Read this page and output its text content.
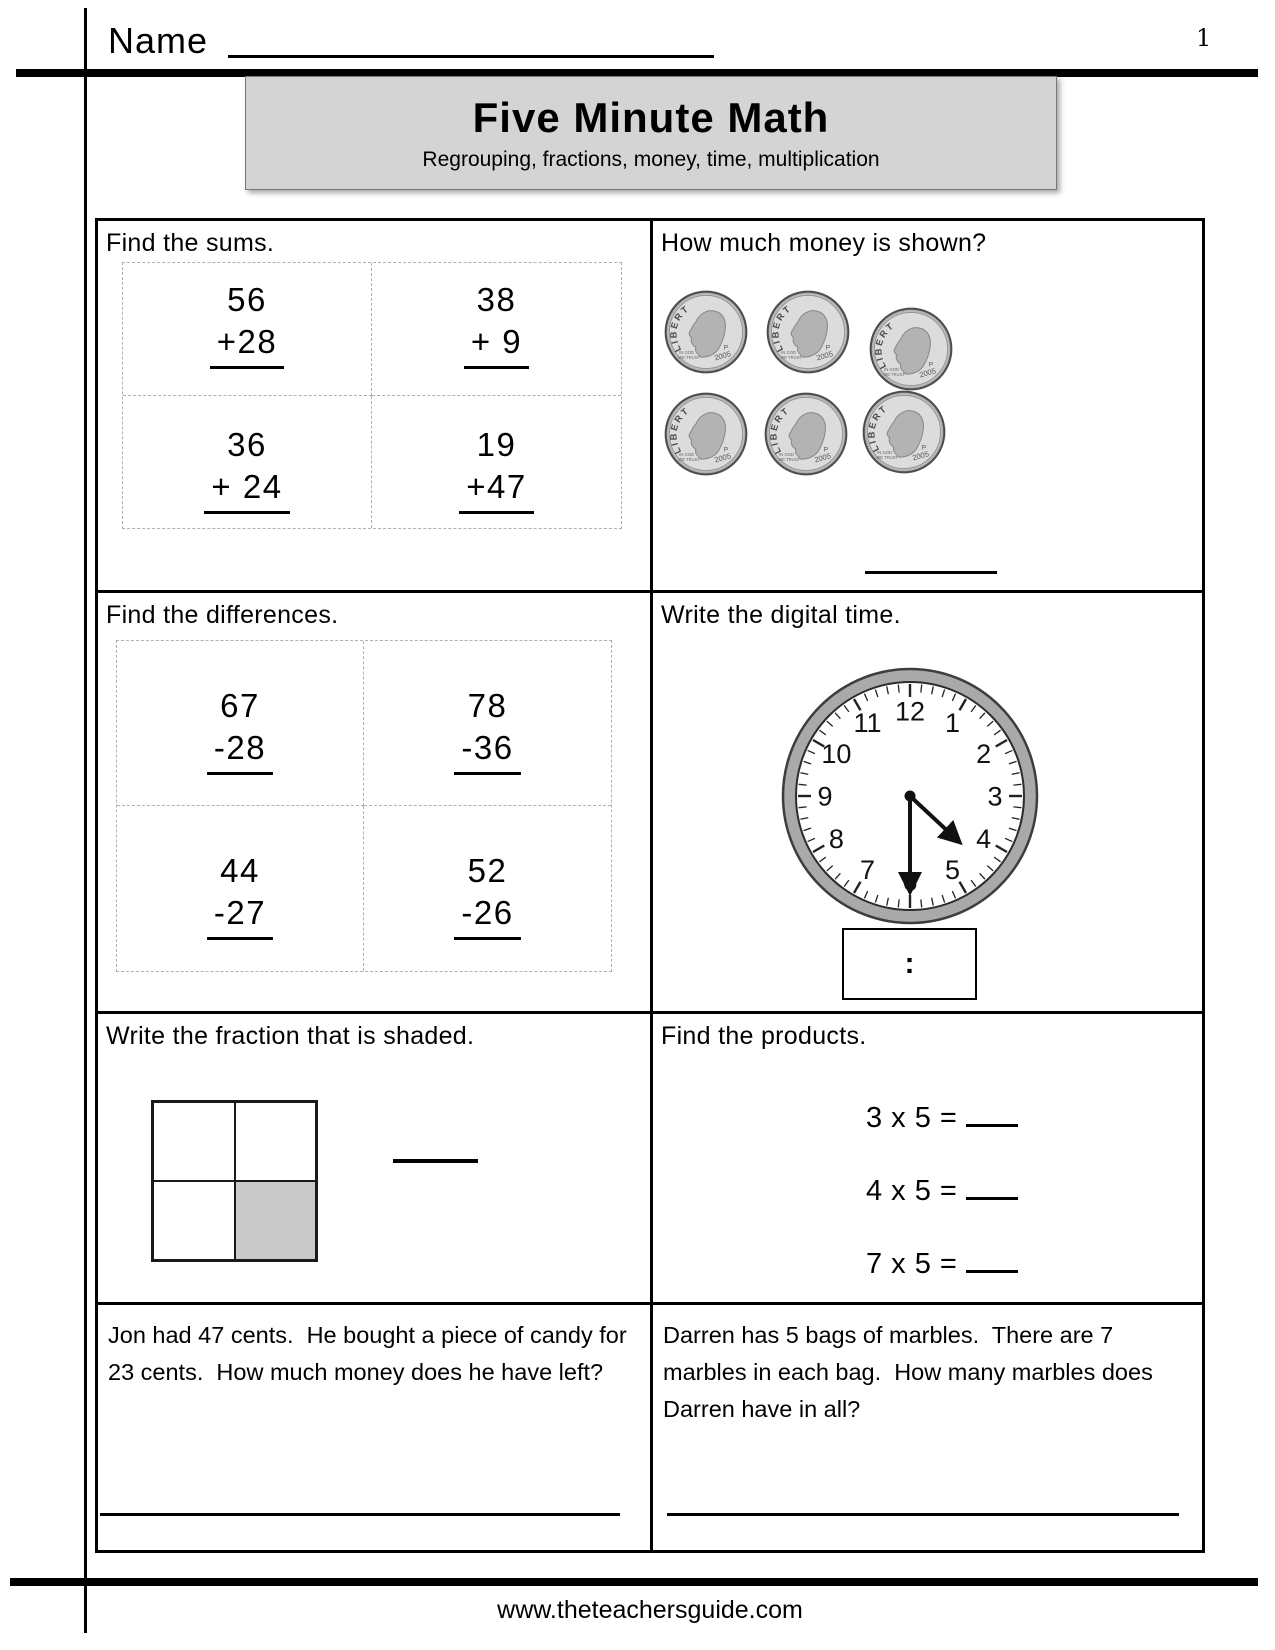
Name	1
Five Minute Math
Regrouping, fractions, money, time, multiplication
Find the sums.
56
+28
38
+ 9
36
+ 24
19
+47
How much money is shown?
Find the differences.
67
-28
78
-36
44
-27
52
-26
Write the digital time.
12 1
2
3
4
5
6
7
8
9
10
11
:
Write the fraction that is shaded.	Find the products.
3 x 5 =
4 x 5 =
7 x 5 =
Jon had 47 cents.  He bought a piece of candy for 23 cents.  How much money does he have left?
Darren has 5 bags of marbles.  There are 7 marbles in each bag.  How many marbles does Darren have in all?
www.theteachersguide.com
